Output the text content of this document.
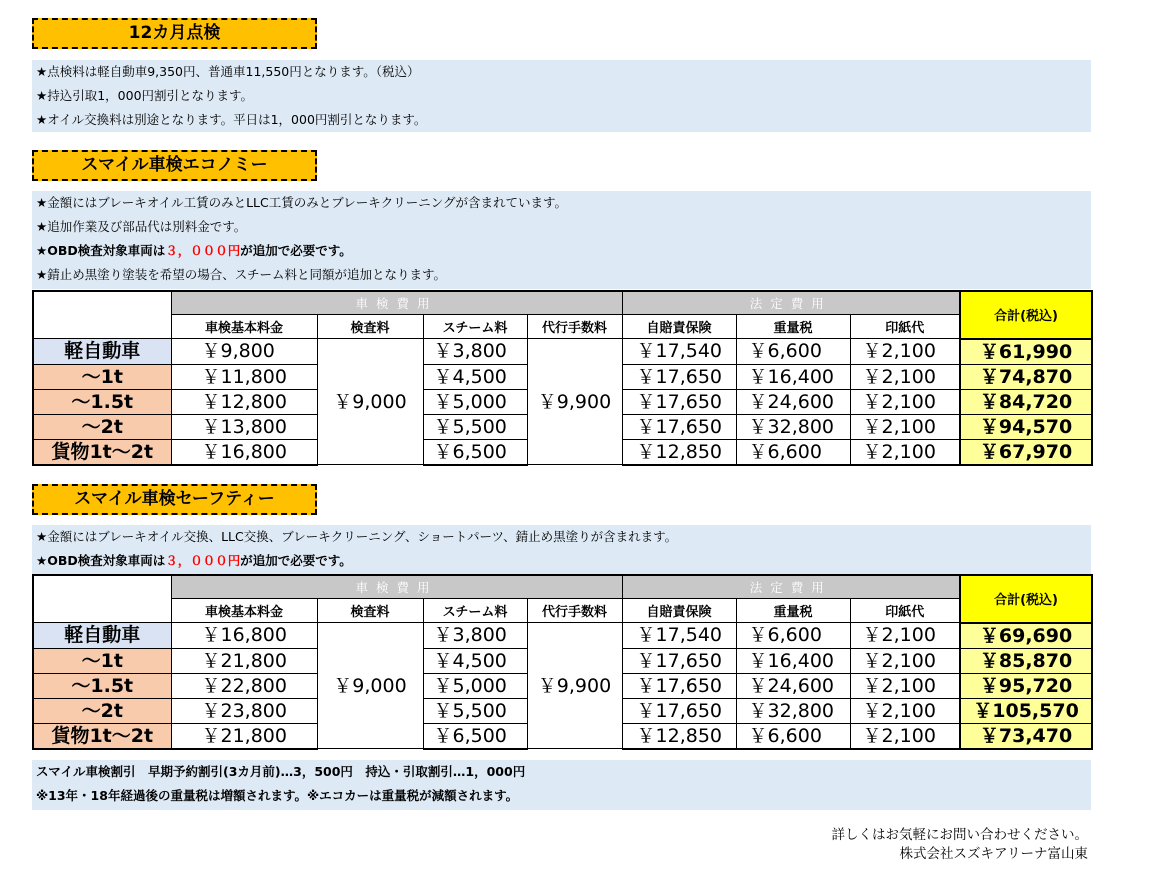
12カ月点検
★点検料は軽自動車9,350円、普通車11,550円となります。（税込）
★持込引取1，000円割引となります。
★オイル交換料は別途となります。平日は1，000円割引となります。
スマイル車検エコノミー
★金額にはブレーキオイル工賃のみとLLC工賃のみとブレーキクリーニングが含まれています。
★追加作業及び部品代は別料金です。
★OBD検査対象車両は３，０００円が追加で必要です。
★錆止め黒塗り塗装を希望の場合、スチーム料と同額が追加となります。
	車検費用				法定費用			合計(税込)
	車検基本料金	検査料	スチーム料	代行手数料	自賠責保険	重量税	印紙代	
軽自動車	￥9,800	￥9,000	￥3,800	￥9,900	￥17,540	￥6,600	￥2,100	￥61,990
～1t	￥11,800		￥4,500		￥17,650	￥16,400	￥2,100	￥74,870
～1.5t	￥12,800		￥5,000		￥17,650	￥24,600	￥2,100	￥84,720
～2t	￥13,800		￥5,500		￥17,650	￥32,800	￥2,100	￥94,570
貨物1t～2t	￥16,800		￥6,500		￥12,850	￥6,600	￥2,100	￥67,970
スマイル車検セーフティー
★金額にはブレーキオイル交換、LLC交換、ブレーキクリーニング、ショートパーツ、錆止め黒塗りが含まれます。
★OBD検査対象車両は３，０００円が追加で必要です。
	車検費用				法定費用			合計(税込)
	車検基本料金	検査料	スチーム料	代行手数料	自賠責保険	重量税	印紙代	
軽自動車	￥16,800	￥9,000	￥3,800	￥9,900	￥17,540	￥6,600	￥2,100	￥69,690
～1t	￥21,800		￥4,500		￥17,650	￥16,400	￥2,100	￥85,870
～1.5t	￥22,800		￥5,000		￥17,650	￥24,600	￥2,100	￥95,720
～2t	￥23,800		￥5,500		￥17,650	￥32,800	￥2,100	￥105,570
貨物1t～2t	￥21,800		￥6,500		￥12,850	￥6,600	￥2,100	￥73,470
スマイル車検割引　早期予約割引(3カ月前)…3，500円　持込・引取割引…1，000円
※13年・18年経過後の重量税は増額されます。※エコカーは重量税が減額されます。
詳しくはお気軽にお問い合わせください。
株式会社スズキアリーナ富山東
